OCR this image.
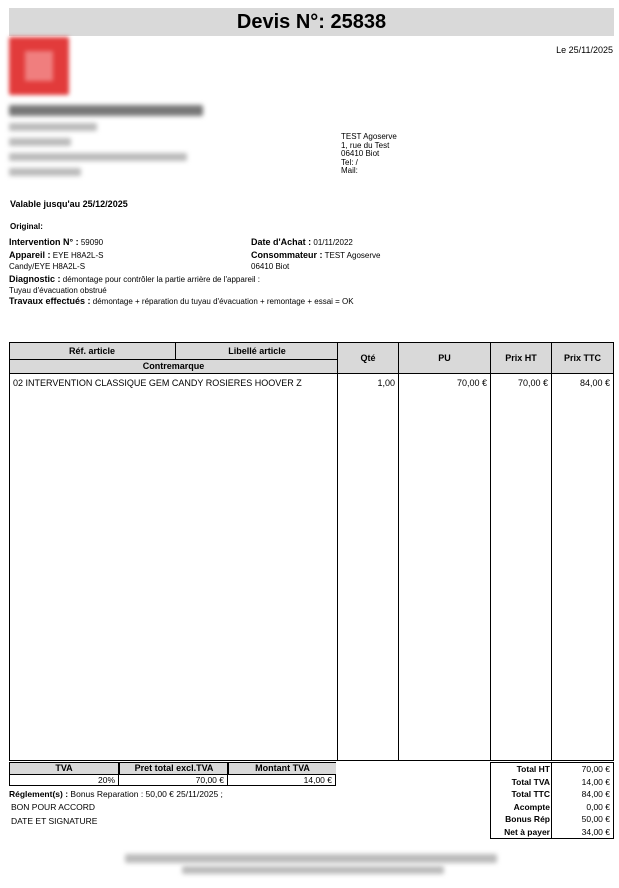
Devis N°: 25838
Le 25/11/2025
TEST Agoserve
1, rue du Test
06410 Biot
Tel: /
Mail:
Valable jusqu'au 25/12/2025
Original:
Intervention N° : 59090	Date d'Achat : 01/11/2022
Appareil : EYE H8A2L-S	Consommateur : TEST Agoserve
Candy/EYE H8A2L-S	06410 Biot
Diagnostic : démontage pour contrôler la partie arrière de l'appareil :
Tuyau d'évacuation obstrué
Travaux effectués : démontage + réparation du tuyau d'évacuation + remontage + essai = OK
Réf. article	Libellé article
Contremarque
Qté	PU	Prix HT	Prix TTC
02 INTERVENTION CLASSIQUE GEM CANDY ROSIERES HOOVER Z	1,00	70,00 €	70,00 €	84,00 €
TVA	Pret total excl.TVA	Montant TVA
20%	70,00 €	14,00 €
Total HT	70,00 €
Total TVA	14,00 €
Total TTC	84,00 €
Acompte	0,00 €
Bonus Rép	50,00 €
Net à payer	34,00 €
Réglement(s) : Bonus Reparation : 50,00 € 25/11/2025 ;
BON POUR ACCORD
DATE ET SIGNATURE
